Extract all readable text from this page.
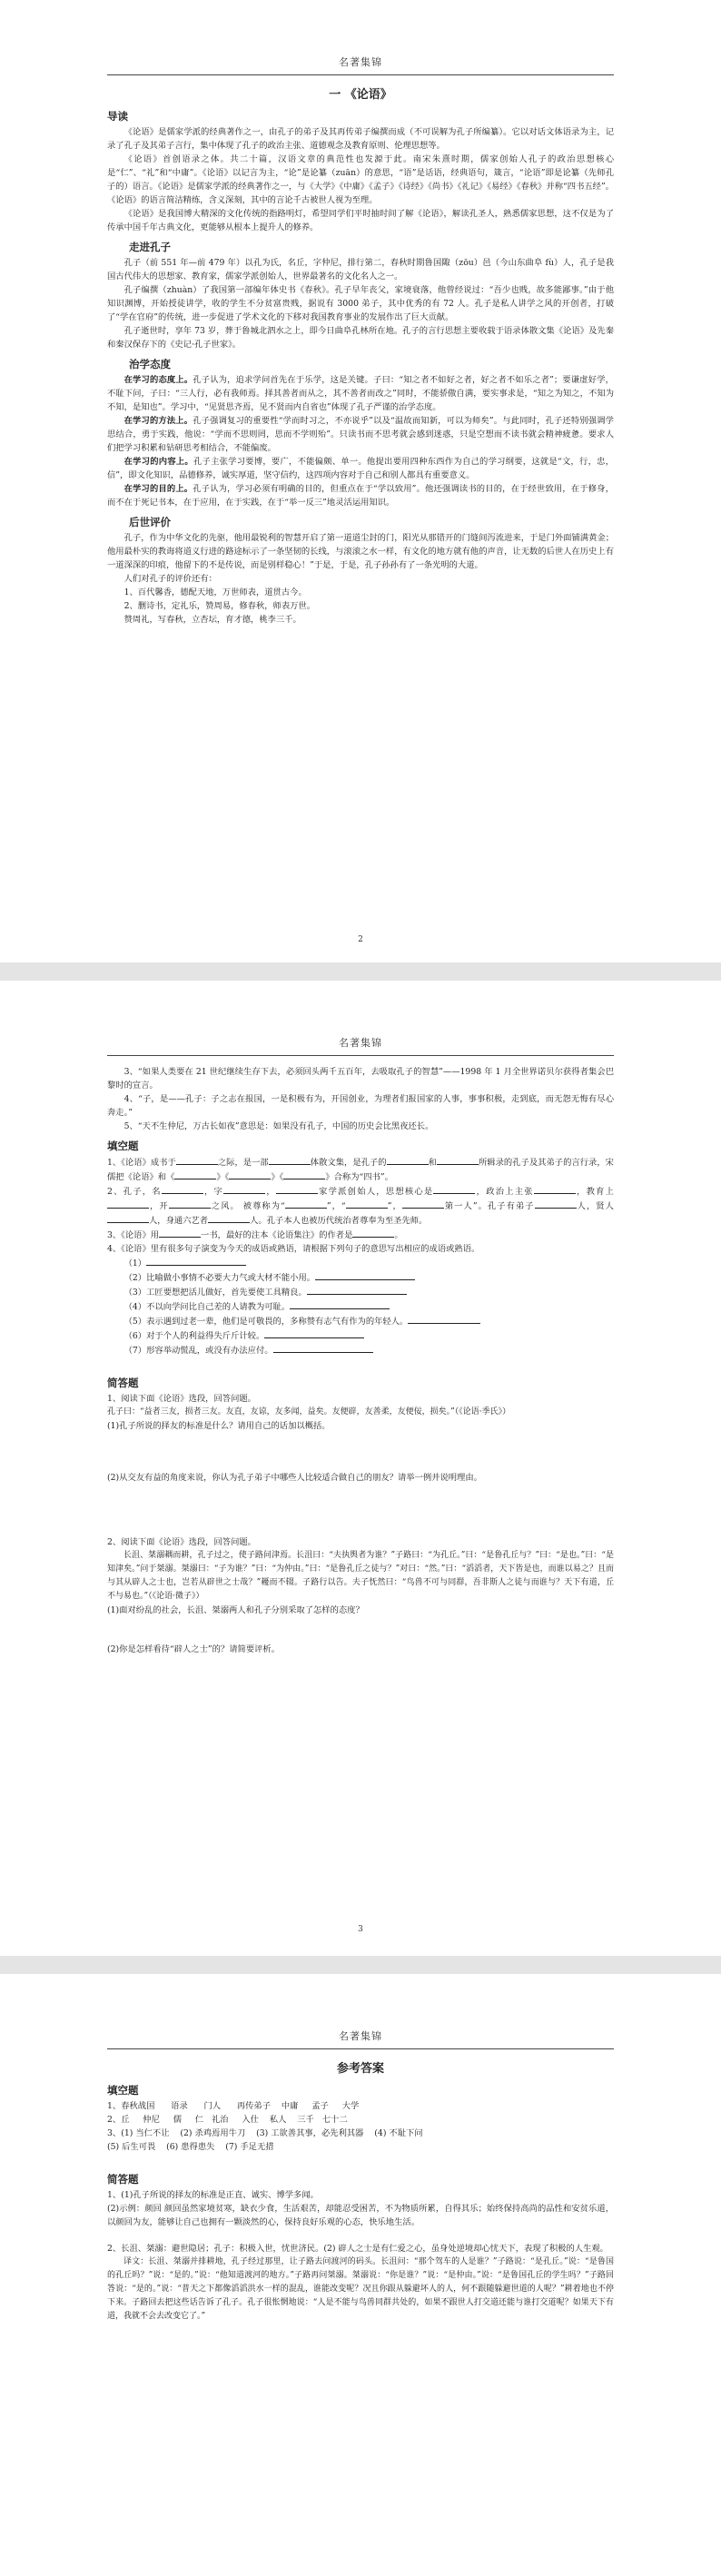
名著集锦
一 《论语》
导读

《论语》是儒家学派的经典著作之一，由孔子的弟子及其再传弟子编撰而成（不可误解为孔子所编纂）。它以对话文体语录为主，记录了孔子及其弟子言行，集中体现了孔子的政治主张、道德观念及教育原则、伦理思想等。

《论语》首创语录之体。共二十篇，汉语文章的典范性也发源于此。南宋朱熹时期，儒家创始人孔子的政治思想核心是“仁”、“礼”和“中庸”。《论语》以记言为主，“论”是论纂（zuān）的意思，“语”是话语，经典语句，箴言，“论语”即是论纂（先师孔子的）语言。《论语》是儒家学派的经典著作之一，与《大学》《中庸》《孟子》《诗经》《尚书》《礼记》《易经》《春秋》并称“四书五经”。《论语》的语言简洁精练，含义深刻，其中的言论千古被世人视为至理。

《论语》是我国博大精深的文化传统的指路明灯，希望同学们平时抽时间了解《论语》，解读孔圣人，熟悉儒家思想，这不仅是为了传承中国千年古典文化，更能够从根本上提升人的修养。

走进孔子

孔子（前 551 年—前 479 年）以孔为氏，名丘，字仲尼，排行第二，春秋时期鲁国陬（zōu）邑（今山东曲阜 fù）人，孔子是我国古代伟大的思想家、教育家，儒家学派创始人，世界最著名的文化名人之一。

孔子编撰（zhuàn）了我国第一部编年体史书《春秋》。孔子早年丧父，家境衰落，他曾经说过：“吾少也贱，故多能鄙事。”由于他知识渊博，开始授徒讲学，收的学生不分贫富贵贱，据说有 3000 弟子，其中优秀的有 72 人。孔子是私人讲学之风的开创者，打破了“学在官府”的传统，进一步促进了学术文化的下移对我国教育事业的发展作出了巨大贡献。

孔子逝世时，享年 73 岁，葬于鲁城北泗水之上，即今日曲阜孔林所在地。孔子的言行思想主要收载于语录体散文集《论语》及先秦和秦汉保存下的《史记·孔子世家》。

治学态度

在学习的态度上。孔子认为，追求学问首先在于乐学，这是关键。子曰：“知之者不如好之者，好之者不如乐之者”；要谦虚好学，不耻下问，子曰：“三人行，必有我师焉。择其善者而从之，其不善者而改之”同时，不能骄傲自满，要实事求是，“知之为知之，不知为不知，是知也”。学习中，“见贤思齐焉，见不贤而内自省也”体现了孔子严谨的治学态度。

在学习的方法上。孔子强调复习的重要性“学而时习之，不亦说乎”以及“温故而知新，可以为师矣”。与此同时，孔子还特别强调学思结合，勇于实践，他说：“学而不思则罔，思而不学则殆”。只读书而不思考就会感到迷惑，只是空想而不读书就会精神疲惫。要求人们把学习积累和钻研思考相结合，不能偏废。

在学习的内容上。孔子主张学习要博，要广，不能偏颇、单一。他提出要用四种东西作为自己的学习纲要，这就是“文，行，忠，信”，即文化知识，品德修养，诚实厚道，坚守信约，这四项内容对于自己和别人都具有重要意义。

在学习的目的上。孔子认为，学习必须有明确的目的，但重点在于“学以致用”。他还强调读书的目的，在于经世致用，在于修身，而不在于死记书本，在于应用，在于实践，在于“举一反三”地灵活运用知识。

后世评价

孔子，作为中华文化的先驱，他用最锐利的智慧开启了第一道道尘封的门，阳光从那错开的门缝间泻流进来，于是门外面铺满黄金；他用最朴实的教诲将道义行进的路途标示了一条坚韧的长线，与滚滚之水一样，有文化的地方就有他的声音，让无数的后世人在历史上有一道深深的印痕，他留下的不是传说，而是别样稳心！”于是，于是，孔子孙孙有了一条光明的大道。

人们对孔子的评价还有：

1、百代馨香，德配天地，万世师表，道贯古今。

2、删诗书，定礼乐，赞周易，修春秋，师表万世。

赞周礼，写春秋，立杏坛，育才德，桃李三千。

2
名著集锦

3、“如果人类要在 21 世纪继续生存下去，必须回头两千五百年，去吸取孔子的智慧”——1998 年 1 月全世界诺贝尔获得者集会巴黎时的宣言。

4、“子，是——孔子：子之志在报国，一是积极有为，开国创业，为理者们报国家的人事，事事积极，走到底，而无怨无悔有尽心奔走。”

5、“天不生仲尼，万古长如夜”意思是：如果没有孔子，中国的历史会比黑夜还长。

填空题

1、《论语》成书于	之际，是一部	体散文集，是孔子的	和	所辑录的孔子及其弟子的言行录，宋儒把《论语》和《	》《	》《	》合称为“四书”。

2、孔子，名	，字	，	家学派创始人，思想核心是	，政治上主张	，教育上，开	之风。 被尊称为“	”，“	”，	第一人”。孔子有弟子	人，贤人人，身通六艺者	人。孔子本人也被历代统治者尊奉为至圣先师。

3、《论语》用	一书，最好的注本《论语集注》的作者是	。

4、《论语》里有很多句子演变为今天的成语或熟语，请根据下列句子的意思写出相应的成语或熟语。

（1）

（2）比喻做小事情不必要大力气或大材不能小用。

（3）工匠要想把活儿做好，首先要使工具精良。

（4）不以向学问比自己差的人请教为可耻。

（5）表示遇到过老一辈，他们是可敬畏的，多称赞有志气有作为的年轻人。

（6）对于个人的利益得失斤斤计较。

（7）形容举动慌乱，或没有办法应付。

简答题

1、阅读下面《论语》选段，回答问题。

孔子曰：“益者三友，损者三友。友直，友谅，友多闻，益矣。友便辟，友善柔，友便佞，损矣。”（《论语·季氏》）

(1)孔子所说的择友的标准是什么？请用自己的话加以概括。

(2)从交友有益的角度来说，你认为孔子弟子中哪些人比较适合做自己的朋友？请举一例并说明理由。

2、阅读下面《论语》选段，回答问题。

长沮、桀溺耦而耕，孔子过之，使子路问津焉。长沮曰：“夫执舆者为谁？”子路曰：“为孔丘。”曰：“是鲁孔丘与？”曰：“是也。”曰：“是知津矣。”问于桀溺。桀溺曰：“子为谁？”曰：“为仲由。”曰：“是鲁孔丘之徒与？”对曰：“然。”曰：“滔滔者，天下皆是也，而谁以易之？且而与其从辟人之士也，岂若从辟世之士哉？”耰而不辍。子路行以告。夫子怃然曰：“鸟兽不可与同群，吾非斯人之徒与而谁与？天下有道，丘不与易也。”（《论语·微子》）

(1)面对纷乱的社会，长沮、桀溺两人和孔子分别采取了怎样的态度？

(2)你是怎样看待“辟人之士”的？请简要评析。

3
名著集锦
参考答案
填空题
1、春秋战国 语录 门人 再传弟子 中庸 孟子 大学
2、丘 仲尼 儒 仁 礼治 入仕 私人 三千 七十二
3、(1) 当仁不让    (2) 杀鸡焉用牛刀    (3) 工欲善其事，必先利其器    (4) 不耻下问
(5) 后生可畏    (6) 患得患失    (7) 手足无措
简答题

1、(1)孔子所说的择友的标准是正直、诚实、博学多闻。

(2)示例：颜回 颜回虽然家境贫寒，缺衣少食，生活艰苦，却能忍受困苦，不为物质所累，自得其乐；始终保持高尚的品性和安贫乐道，以颜回为友，能够让自己也拥有一颗淡然的心，保持良好乐观的心态，快乐地生活。

2、长沮、桀溺：避世隐居；孔子：积极入世，忧世济民。(2) 辟人之士是有仁爱之心，虽身处逆境却心忧天下，表现了积极的人生观。

译文：长沮、桀溺并排耕地，孔子经过那里，让子路去问渡河的码头。长沮问：“那个驾车的人是谁？”子路说：“是孔丘。”说：“是鲁国的孔丘吗？”说：“是的。”说：“他知道渡河的地方。”子路再问桀溺。桀溺说：“你是谁？”说：“是仲由。”说：“是鲁国孔丘的学生吗？”子路回答说：“是的。”说：“普天之下都像滔滔洪水一样的混乱，谁能改变呢？况且你跟从躲避坏人的人，何不跟随躲避世道的人呢？”耕着地也不停下来。子路回去把这些话告诉了孔子。孔子很怅惘地说：“人是不能与鸟兽同群共处的，如果不跟世人打交道还能与谁打交道呢？如果天下有道，我就不会去改变它了。”
